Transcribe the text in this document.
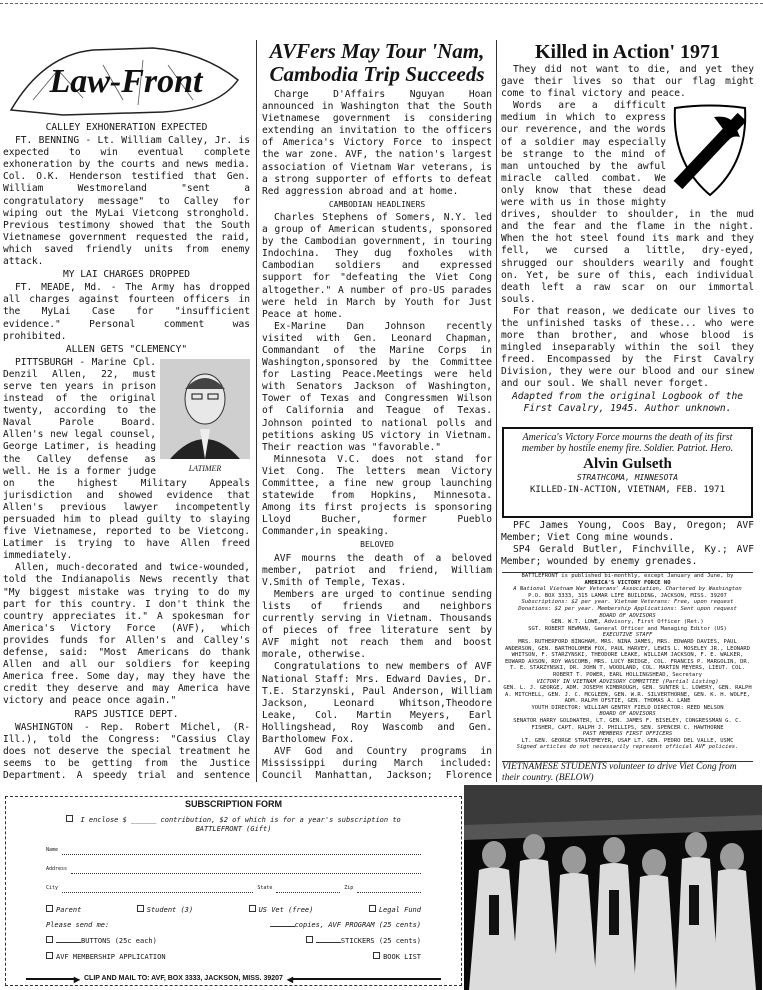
Law-Front
CALLEY EXHONERATION EXPECTED

FT. BENNING - Lt. William Calley, Jr. is expected to win eventual complete exhoneration by the courts and news media. Col. O.K. Henderson testified that Gen. William Westmoreland "sent a congratulatory message" to Calley for wiping out the MyLai Vietcong stronghold. Previous testimony showed that the South Vietnamese government requested the raid, which saved friendly units from enemy attack.

MY LAI CHARGES DROPPED

FT. MEADE, Md. - The Army has dropped all charges against fourteen officers in the MyLai Case for "insufficient evidence." Personal comment was prohibited.

ALLEN GETS "CLEMENCY"
LATIMER

PITTSBURGH - Marine Cpl. Denzil Allen, 22, must serve ten years in prison instead of the original twenty, according to the Naval Parole Board. Allen's new legal counsel, George Latimer, is heading the Calley defense as well. He is a former judge on the highest Military Appeals jurisdiction and showed evidence that Allen's previous lawyer incompetently persuaded him to plead guilty to slaying five Vietnamese, reported to be Vietcong. Latimer is trying to have Allen freed immediately.

Allen, much-decorated and twice-wounded, told the Indianapolis News recently that "My biggest mistake was trying to do my part for this country. I don't think the country appreciates it." A spokesman for America's Victory Force (AVF), which provides funds for Allen's and Calley's defense, said: "Most Americans do thank Allen and all our soldiers for keeping America free. Some day, may they have the credit they deserve and may America have victory and peace once again."

RAPS JUSTICE DEPT.

WASHINGTON - Rep. Robert Michel, (R-Ill.), told the Congress: "Cassius Clay does not deserve the special treatment he seems to be getting from the Justice Department. A speedy trial and sentence

AVFers May Tour 'Nam, Cambodia Trip Succeeds

Charge D'Affairs Nguyan Hoan announced in Washington that the South Vietnamese government is considering extending an invitation to the officers of America's Victory Force to inspect the war zone. AVF, the nation's largest association of Vietnam War veterans, is a strong supporter of efforts to defeat Red aggression abroad and at home.

CAMBODIAN HEADLINERS

Charles Stephens of Somers, N.Y. led a group of American students, sponsored by the Cambodian government, in touring Indochina. They dug foxholes with Cambodian soldiers and expressed support for "defeating the Viet Cong altogether." A number of pro-US parades were held in March by Youth for Just Peace at home.

Ex-Marine Dan Johnson recently visited with Gen. Leonard Chapman, Commandant of the Marine Corps in Washington,sponsored by the Committee for Lasting Peace.Meetings were held with Senators Jackson of Washington, Tower of Texas and Congressmen Wilson of California and Teague of Texas. Johnson pointed to national polls and petitions asking US victory in Vietnam. Their reaction was "favorable."

Minnesota V.C. does not stand for Viet Cong. The letters mean Victory Committee, a fine new group launching statewide from Hopkins, Minnesota. Among its first projects is sponsoring Lloyd Bucher, former Pueblo Commander,in speaking.

BELOVED

AVF mourns the death of a beloved member, patriot and friend, William V.Smith of Temple, Texas.

Members are urged to continue sending lists of friends and neighbors currently serving in Vietnam. Thousands of pieces of free literature sent by AVF might not reach them and boost morale, otherwise.

Congratulations to new members of AVF National Staff: Mrs. Edward Davies, Dr. T.E. Starzynski, Paul Anderson, William Jackson, Leonard Whitson,Theodore Leake, Col. Martin Meyers, Earl Hollingshead, Roy Wascomb and Gen. Bartholomew Fox.

AVF God and Country programs in Mississippi during March included: Council Manhattan, Jackson; Florence

Killed in Action' 1971

They did not want to die, and yet they gave their lives so that our flag might come to final victory and peace.

Words are a difficult medium in which to express our reverence, and the words of a soldier may especially be strange to the mind of man untouched by the awful miracle called combat. We only know that these dead were with us in those mighty drives, shoulder to shoulder, in the mud and the fear and the flame in the night. When the hot steel found its mark and they fell, we cursed a little, dry-eyed, shrugged our shoulders wearily and fought on. Yet, be sure of this, each individual death left a raw scar on our immortal souls.

For that reason, we dedicate our lives to the unfinished tasks of these... who were more than brother, and whose blood is mingled inseparably within the soil they freed. Encompassed by the First Cavalry Division, they were our blood and our sinew and our soul. We shall never forget.

Adapted from the original Logbook of the First Cavalry, 1945. Author unknown.
America's Victory Force mourns the death of its first member by hostile enemy fire. Soldier. Patriot. Hero.
Alvin Gulseth
STRATHCOMA, MINNESOTA
KILLED-IN-ACTION, VIETNAM, FEB. 1971

PFC James Young, Coos Bay, Oregon; AVF Member; Viet Cong mine wounds.

SP4 Gerald Butler, Finchville, Ky.; AVF Member; wounded by enemy grenades.

BATTLEFRONT is published bi-monthly, except January and June, by
AMERICA'S VICTORY FORCE NO
A National Vietnam War Veterans' Association, Chartered by Washington
P.O. BOX 3333, 315 LAMAR LIFE BUILDING, JACKSON, MISS. 39207
Subscriptions: $2 per year. Vietnam Veterans: Free, upon request
Donations: $2 per year. Membership Applications: Sent upon request
BOARD OF ADVISORS
GEN. W.T. LOWE, Advisory, First Officer (Ret.)
SGT. ROBERT NEWMAN, General Officer and Managing Editor (US)
EXECUTIVE STAFF
MRS. RUTHERFORD BINGHAM, MRS. NINA JAMES, MRS. EDWARD DAVIES, PAUL ANDERSON, GEN. BARTHOLOMEW FOX, PAUL HARVEY, LEWIS L. MOSELEY JR., LEONARD WHITSON, F. STARZYNSKI, THEODORE LEAKE, WILLIAM JACKSON, F. E. WALKER, EDWARD AXSON, ROY WASCOMB, MRS. LUCY BRIDGE, COL. FRANCIS P. MARGOLIN, DR. T. E. STARZYNSKI, DR. JOHN T. WOODLAND, COL. MARTIN MEYERS, LIEUT. COL. ROBERT T. POWER, EARL HOLLINGSHEAD, Secretary
VICTORY IN VIETNAM ADVISORY COMMITTEE (Partial Listing)
GEN. L. J. GEORGE, ADM. JOSEPH KIMBROUGH, GEN. SUNTER L. LOWERY, GEN. RALPH A. MITCHELL, GEN. J. C. MCGLEEN, GEN. W.R. SILVERTHORNE, GEN. K. H. WOLFE, ADM. RALPH OFSTIE, GEN. THOMAS A. LANE
YOUTH DIRECTOR: WILLIAM GENTRY FIELD DIRECTOR: REED NELSON
BOARD OF ADVISORS
SENATOR HARRY GOLDWATER, LT. GEN. JAMES F. BISELEY, CONGRESSMAN G. C. FISHER, CAPT. RALPH J. PHILLIPS, SEN. SPENCER C. HAWTHORNE
PAST MEMBERS FIRST OFFICERS
LT. GEN. GEORGE STRATEMEYER, USAF LT. GEN. PEDRO DEL VALLE, USMC
Signed articles do not necessarily represent official AVF policies.
VIETNAMESE STUDENTS volunteer to drive Viet Cong from their country. (BELOW)
SUBSCRIPTION FORM
I enclose $ ______ contribution, $2 of which is for a year's subscription to BATTLEFRONT (Gift)
Name
Address
City	State	Zip
Parent	Student (3)	US Vet (free)	Legal Fund
Please send me:	copies, AVF PROGRAM (25 cents)
BUTTONS (25c each)	STICKERS (25 cents)
AVF MEMBERSHIP APPLICATION	BOOK LIST
▶ CLIP AND MAIL TO: AVF, BOX 3333, JACKSON, MISS. 39207 ◀
